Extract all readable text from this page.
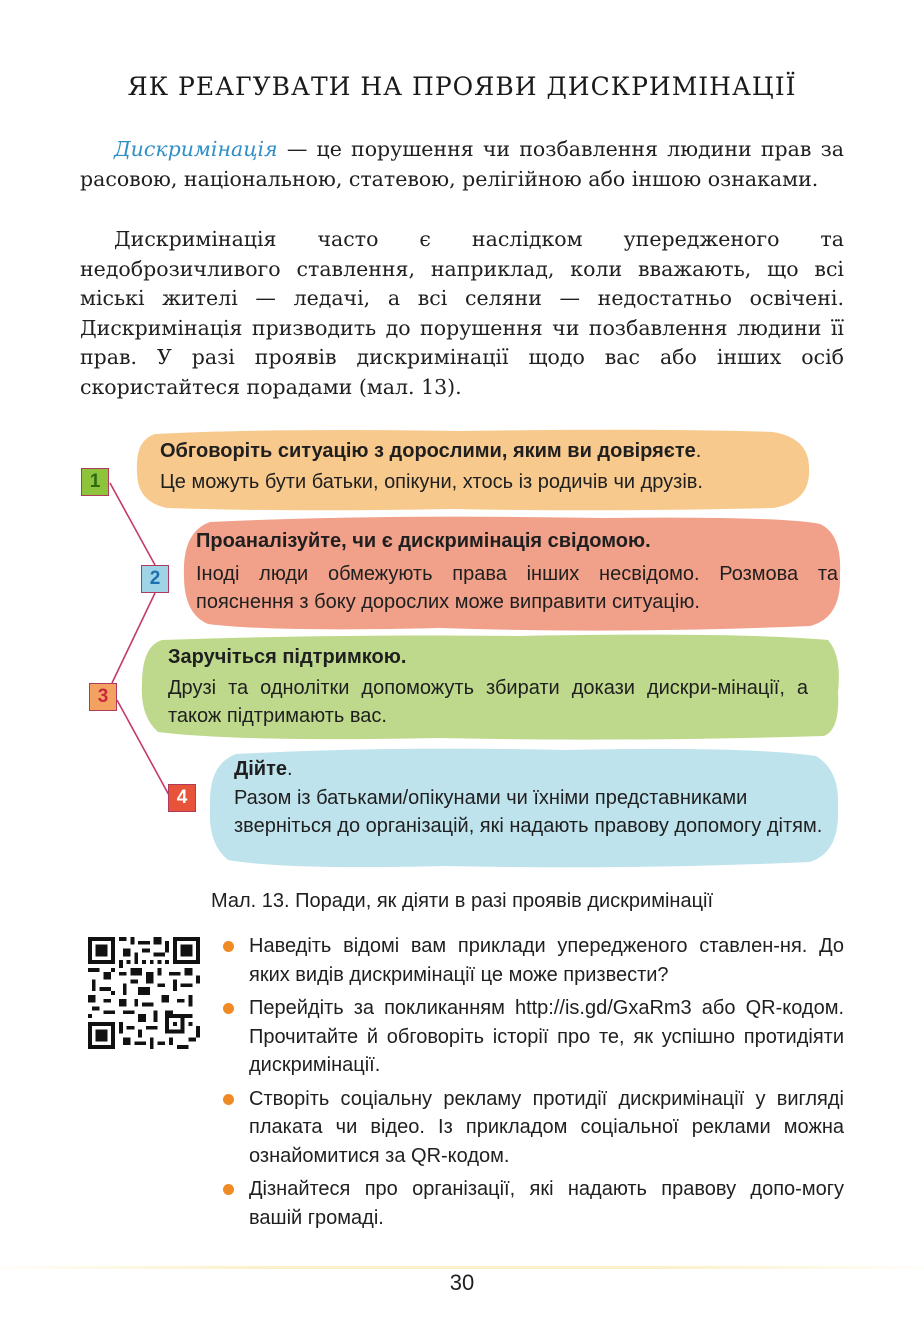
ЯК РЕАГУВАТИ НА ПРОЯВИ ДИСКРИМІНАЦІЇ

Дискримінація — це порушення чи позбавлення людини прав за расовою, національною, статевою, релігійною або іншою ознаками.

Дискримінація часто є наслідком упередженого та недоброзичливого ставлення, наприклад, коли вважають, що всі міські жителі — ледачі, а всі селяни — недостатньо освічені. Дискримінація призводить до порушення чи позбавлення людини її прав. У разі проявів дискримінації щодо вас або інших осіб скористайтеся порадами (мал. 13).

Обговоріть ситуацію з дорослими, яким ви довіряєте.
Це можуть бути батьки, опікуни, хтось із родичів чи друзів.
Проаналізуйте, чи є дискримінація свідомою.
Іноді люди обмежують права інших несвідомо. Розмова та пояснення з боку дорослих може виправити ситуацію.
Заручіться підтримкою.
Друзі та однолітки допоможуть збирати докази дискри-мінації, а також підтримають вас.
Дійте.
Разом із батьками/опікунами чи їхніми представниками зверніться до організацій, які надають правову допомогу дітям.
1
2
3
4
Мал. 13. Поради, як діяти в разі проявів дискримінації
Наведіть відомі вам приклади упередженого ставлен-ня. До яких видів дискримінації це може призвести?
Перейдіть за покликанням http://is.gd/GxaRm3 або QR-кодом. Прочитайте й обговоріть історії про те, як успішно протидіяти дискримінації.
Створіть соціальну рекламу протидії дискримінації у вигляді плаката чи відео. Із прикладом соціальної реклами можна ознайомитися за QR-кодом.
Дізнайтеся про організації, які надають правову допо-могу вашій громаді.
30
